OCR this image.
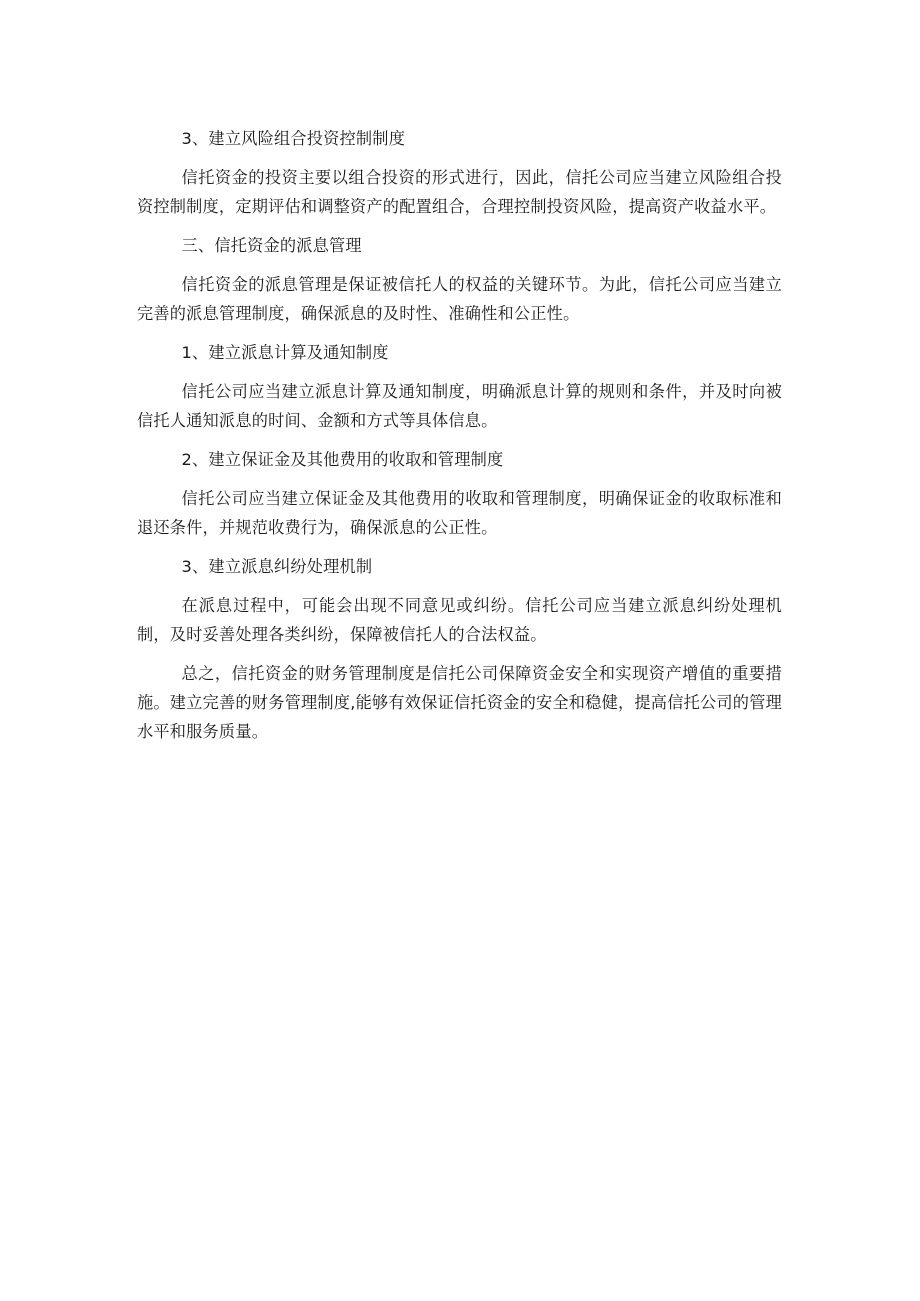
3、建立风险组合投资控制制度

信托资金的投资主要以组合投资的形式进行，因此，信托公司应当建立风险组合投资控制制度，定期评估和调整资产的配置组合，合理控制投资风险，提高资产收益水平。

三、信托资金的派息管理

信托资金的派息管理是保证被信托人的权益的关键环节。为此，信托公司应当建立完善的派息管理制度，确保派息的及时性、准确性和公正性。

1、建立派息计算及通知制度

信托公司应当建立派息计算及通知制度，明确派息计算的规则和条件，并及时向被信托人通知派息的时间、金额和方式等具体信息。

2、建立保证金及其他费用的收取和管理制度

信托公司应当建立保证金及其他费用的收取和管理制度，明确保证金的收取标准和退还条件，并规范收费行为，确保派息的公正性。

3、建立派息纠纷处理机制

在派息过程中，可能会出现不同意见或纠纷。信托公司应当建立派息纠纷处理机制，及时妥善处理各类纠纷，保障被信托人的合法权益。

总之，信托资金的财务管理制度是信托公司保障资金安全和实现资产增值的重要措施。建立完善的财务管理制度,能够有效保证信托资金的安全和稳健，提高信托公司的管理水平和服务质量。
